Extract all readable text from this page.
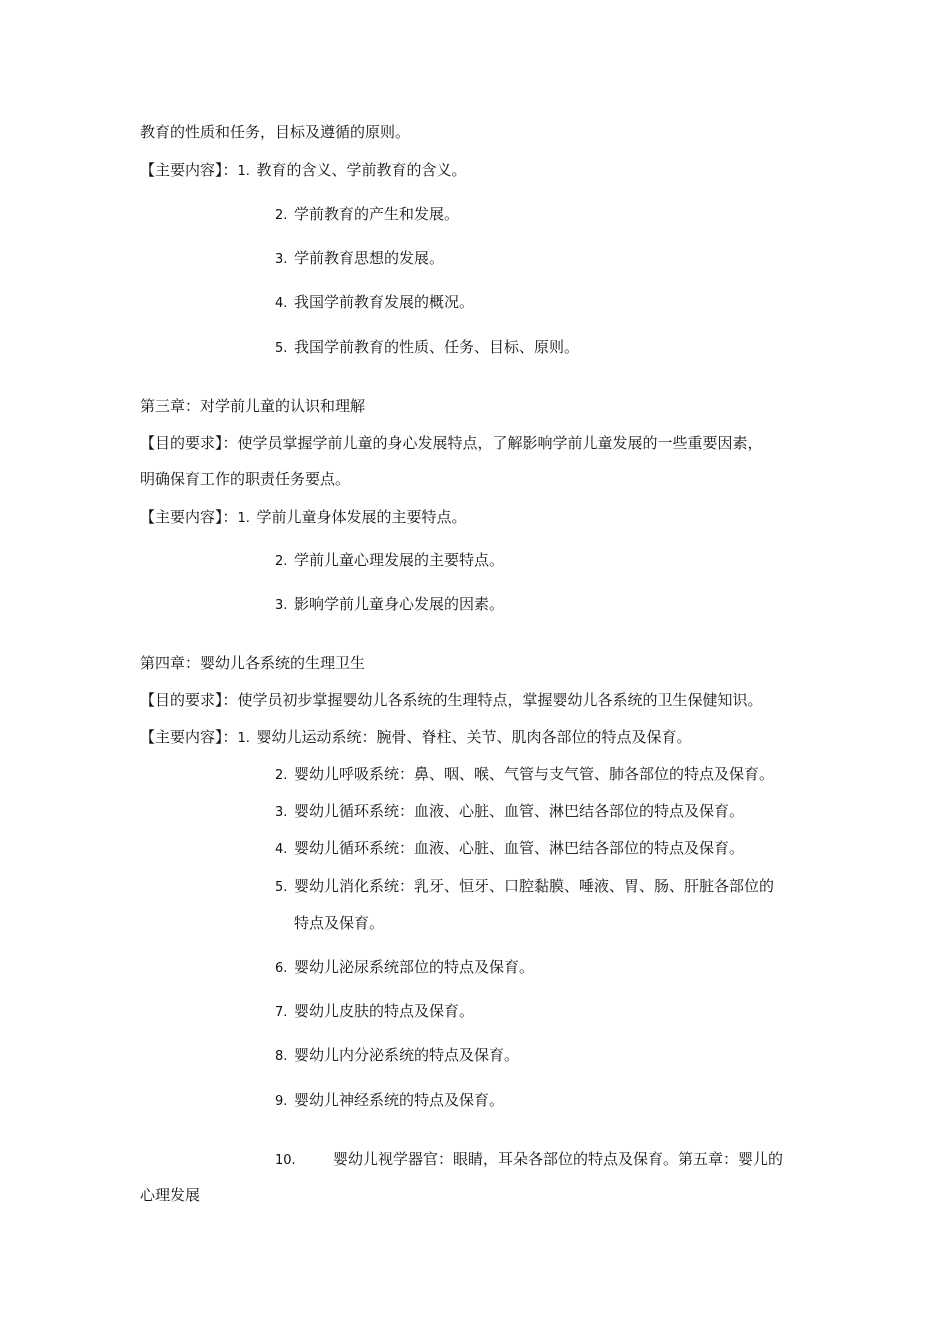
教育的性质和任务，目标及遵循的原则。
【主要内容】：1. 教育的含义、学前教育的含义。
2. 学前教育的产生和发展。
3. 学前教育思想的发展。
4. 我国学前教育发展的概况。
5. 我国学前教育的性质、任务、目标、原则。
第三章：对学前儿童的认识和理解
【目的要求】：使学员掌握学前儿童的身心发展特点，了解影响学前儿童发展的一些重要因素，
明确保育工作的职责任务要点。
【主要内容】：1. 学前儿童身体发展的主要特点。
2. 学前儿童心理发展的主要特点。
3. 影响学前儿童身心发展的因素。
第四章：婴幼儿各系统的生理卫生
【目的要求】：使学员初步掌握婴幼儿各系统的生理特点，掌握婴幼儿各系统的卫生保健知识。
【主要内容】：1. 婴幼儿运动系统：腕骨、脊柱、关节、肌肉各部位的特点及保育。
2. 婴幼儿呼吸系统：鼻、咽、喉、气管与支气管、肺各部位的特点及保育。
3. 婴幼儿循环系统：血液、心脏、血管、淋巴结各部位的特点及保育。
4. 婴幼儿循环系统：血液、心脏、血管、淋巴结各部位的特点及保育。
5. 婴幼儿消化系统：乳牙、恒牙、口腔黏膜、唾液、胃、肠、肝脏各部位的
特点及保育。
6. 婴幼儿泌尿系统部位的特点及保育。
7. 婴幼儿皮肤的特点及保育。
8. 婴幼儿内分泌系统的特点及保育。
9. 婴幼儿神经系统的特点及保育。
10. 婴幼儿视学器官：眼睛，耳朵各部位的特点及保育。第五章：婴儿的
心理发展
